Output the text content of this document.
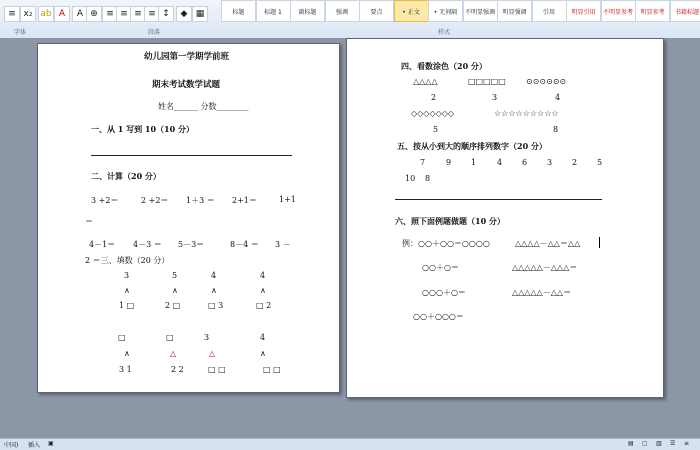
≡ x₂ ab A	A ⊕ ≡ ≡ ≡ ≡ ↕	◆ ▦
字体	段落	样式
标题	标题 1	副标题	强调	要点	• 正文	• 无间隔	不明显强调	明显强调	引用	明显引用	不明显参考	明显参考	书籍标题
幼儿园第一学期学前班
期末考试数学试题
姓名______ 分数________
一、从 1 写到 10（10 分）
二、计算（20 分）
3 +2＝	2 +2＝ 1＋3 ＝ 2+1＝	1+1
＝
4－1＝ 4－3 ＝ 5－3＝	8－4 ＝ 3 －
2 ＝三、填数（20 分）
3	5	4	4
∧	∧	∧	∧
1 □	2 □	□ 3	□ 2
□	□	3	4
∧	△	△	∧
3 1	2 2	□ □	□ □
四、看数涂色（20 分）
△△△△	□□□□□	⊙⊙⊙⊙⊙⊙
2	3	4
◇◇◇◇◇◇◇	☆☆☆☆☆☆☆☆☆
5	8
五、按从小到大的顺序排列数字（20 分）
7	9 1	4 6 3 2 5
10 8
六、照下面例题做题（10 分）
例：○○＋○○＝○○○○	△△△△－△△＝△△
○○＋○＝	△△△△△－△△△＝
○○○＋○＝	△△△△△－△△＝
○○＋○○○＝
中国) 插入 ▣	▤ ▢ ▥ ☰ ≡
